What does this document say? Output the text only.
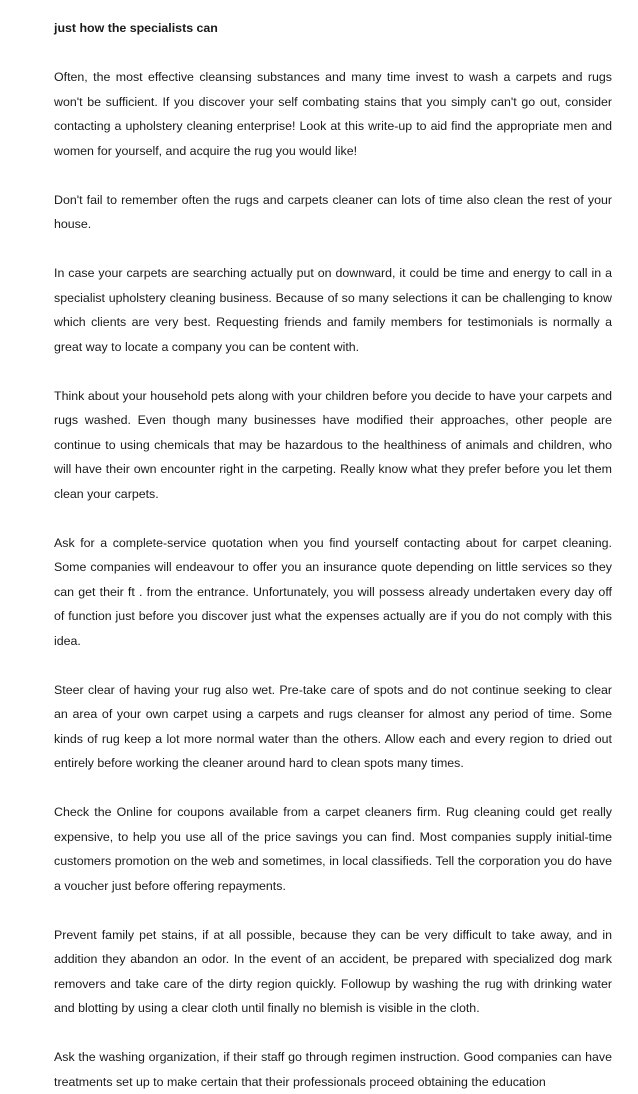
just how the specialists can

Often, the most effective cleansing substances and many time invest to wash a carpets and rugs won't be sufficient. If you discover your self combating stains that you simply can't go out, consider contacting a upholstery cleaning enterprise! Look at this write-up to aid find the appropriate men and women for yourself, and acquire the rug you would like!

Don't fail to remember often the rugs and carpets cleaner can lots of time also clean the rest of your house.

In case your carpets are searching actually put on downward, it could be time and energy to call in a specialist upholstery cleaning business. Because of so many selections it can be challenging to know which clients are very best. Requesting friends and family members for testimonials is normally a great way to locate a company you can be content with.

Think about your household pets along with your children before you decide to have your carpets and rugs washed. Even though many businesses have modified their approaches, other people are continue to using chemicals that may be hazardous to the healthiness of animals and children, who will have their own encounter right in the carpeting. Really know what they prefer before you let them clean your carpets.

Ask for a complete-service quotation when you find yourself contacting about for carpet cleaning. Some companies will endeavour to offer you an insurance quote depending on little services so they can get their ft . from the entrance. Unfortunately, you will possess already undertaken every day off of function just before you discover just what the expenses actually are if you do not comply with this idea.

Steer clear of having your rug also wet. Pre-take care of spots and do not continue seeking to clear an area of your own carpet using a carpets and rugs cleanser for almost any period of time. Some kinds of rug keep a lot more normal water than the others. Allow each and every region to dried out entirely before working the cleaner around hard to clean spots many times.

Check the Online for coupons available from a carpet cleaners firm. Rug cleaning could get really expensive, to help you use all of the price savings you can find. Most companies supply initial-time customers promotion on the web and sometimes, in local classifieds. Tell the corporation you do have a voucher just before offering repayments.

Prevent family pet stains, if at all possible, because they can be very difficult to take away, and in addition they abandon an odor. In the event of an accident, be prepared with specialized dog mark removers and take care of the dirty region quickly. Followup by washing the rug with drinking water and blotting by using a clear cloth until finally no blemish is visible in the cloth.

Ask the washing organization, if their staff go through regimen instruction. Good companies can have treatments set up to make certain that their professionals proceed obtaining the education
